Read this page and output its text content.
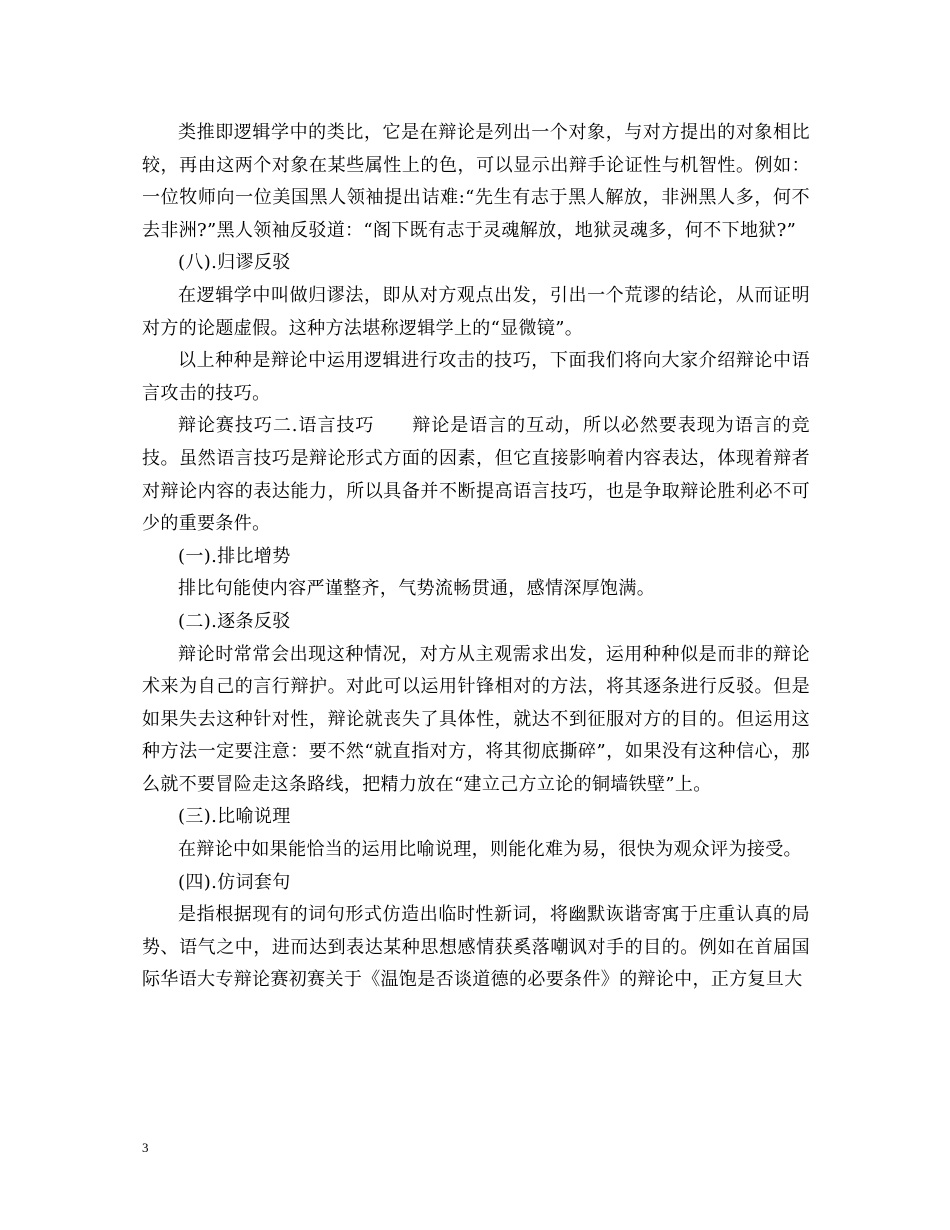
类推即逻辑学中的类比，它是在辩论是列出一个对象，与对方提出的对象相比较，再由这两个对象在某些属性上的色，可以显示出辩手论证性与机智性。例如：一位牧师向一位美国黑人领袖提出诘难:“先生有志于黑人解放，非洲黑人多，何不去非洲?”黑人领袖反驳道：“阁下既有志于灵魂解放，地狱灵魂多，何不下地狱?”

(八).归谬反驳

在逻辑学中叫做归谬法，即从对方观点出发，引出一个荒谬的结论，从而证明对方的论题虚假。这种方法堪称逻辑学上的“显微镜”。

以上种种是辩论中运用逻辑进行攻击的技巧，下面我们将向大家介绍辩论中语言攻击的技巧。

辩论赛技巧二.语言技巧　　辩论是语言的互动，所以必然要表现为语言的竞技。虽然语言技巧是辩论形式方面的因素，但它直接影响着内容表达，体现着辩者对辩论内容的表达能力，所以具备并不断提高语言技巧，也是争取辩论胜利必不可少的重要条件。

(一).排比增势

排比句能使内容严谨整齐，气势流畅贯通，感情深厚饱满。

(二).逐条反驳

辩论时常常会出现这种情况，对方从主观需求出发，运用种种似是而非的辩论术来为自己的言行辩护。对此可以运用针锋相对的方法，将其逐条进行反驳。但是如果失去这种针对性，辩论就丧失了具体性，就达不到征服对方的目的。但运用这种方法一定要注意：要不然“就直指对方，将其彻底撕碎”，如果没有这种信心，那么就不要冒险走这条路线，把精力放在“建立己方立论的铜墙铁壁”上。

(三).比喻说理

在辩论中如果能恰当的运用比喻说理，则能化难为易，很快为观众评为接受。

(四).仿词套句

是指根据现有的词句形式仿造出临时性新词，将幽默诙谐寄寓于庄重认真的局势、语气之中，进而达到表达某种思想感情获奚落嘲讽对手的目的。例如在首届国际华语大专辩论赛初赛关于《温饱是否谈道德的必要条件》的辩论中，正方复旦大

3
